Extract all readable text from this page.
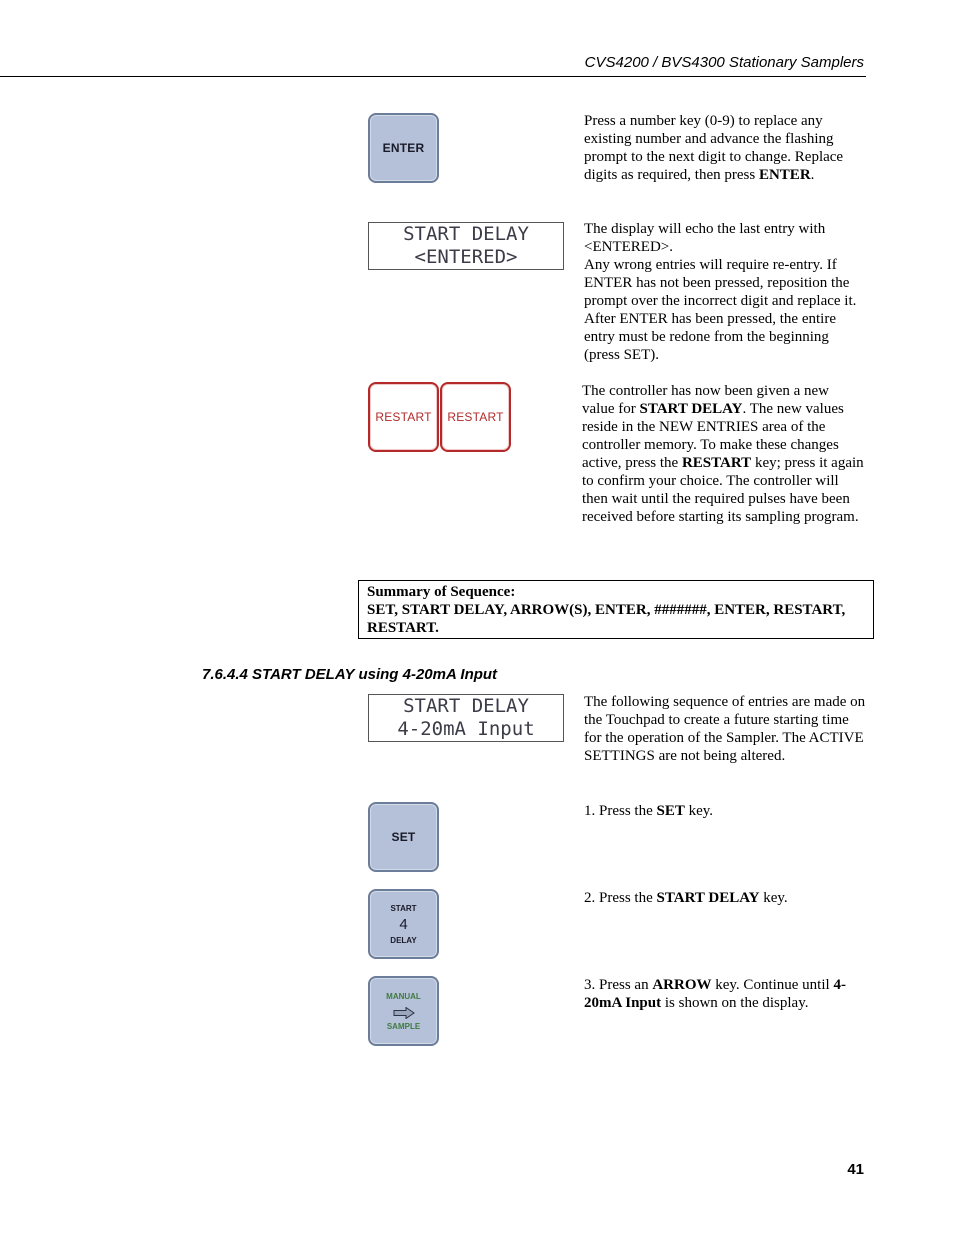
CVS4200 / BVS4300 Stationary Samplers
ENTER
Press a number key (0-9) to replace any existing number and advance the flashing prompt to the next digit to change. Replace digits as required, then press ENTER.
START DELAY
<ENTERED>
The display will echo the last entry with <ENTERED>.
Any wrong entries will require re-entry. If ENTER has not been pressed, reposition the prompt over the incorrect digit and replace it. After ENTER has been pressed, the entire entry must be redone from the beginning (press SET).
RESTART RESTART
The controller has now been given a new value for START DELAY. The new values reside in the NEW ENTRIES area of the controller memory. To make these changes active, press the RESTART key; press it again to confirm your choice. The controller will then wait until the required pulses have been received before starting its sampling program.
Summary of Sequence:
SET, START DELAY, ARROW(S), ENTER, #######, ENTER, RESTART, RESTART.
7.6.4.4 START DELAY using 4-20mA Input
START DELAY
4-20mA Input
The following sequence of entries are made on the Touchpad to create a future starting time for the operation of the Sampler. The ACTIVE SETTINGS are not being altered.
SET
1. Press the SET key.
START
4
DELAY
2. Press the START DELAY key.
MANUAL
SAMPLE
3. Press an ARROW key. Continue until 4-20mA Input is shown on the display.
41
